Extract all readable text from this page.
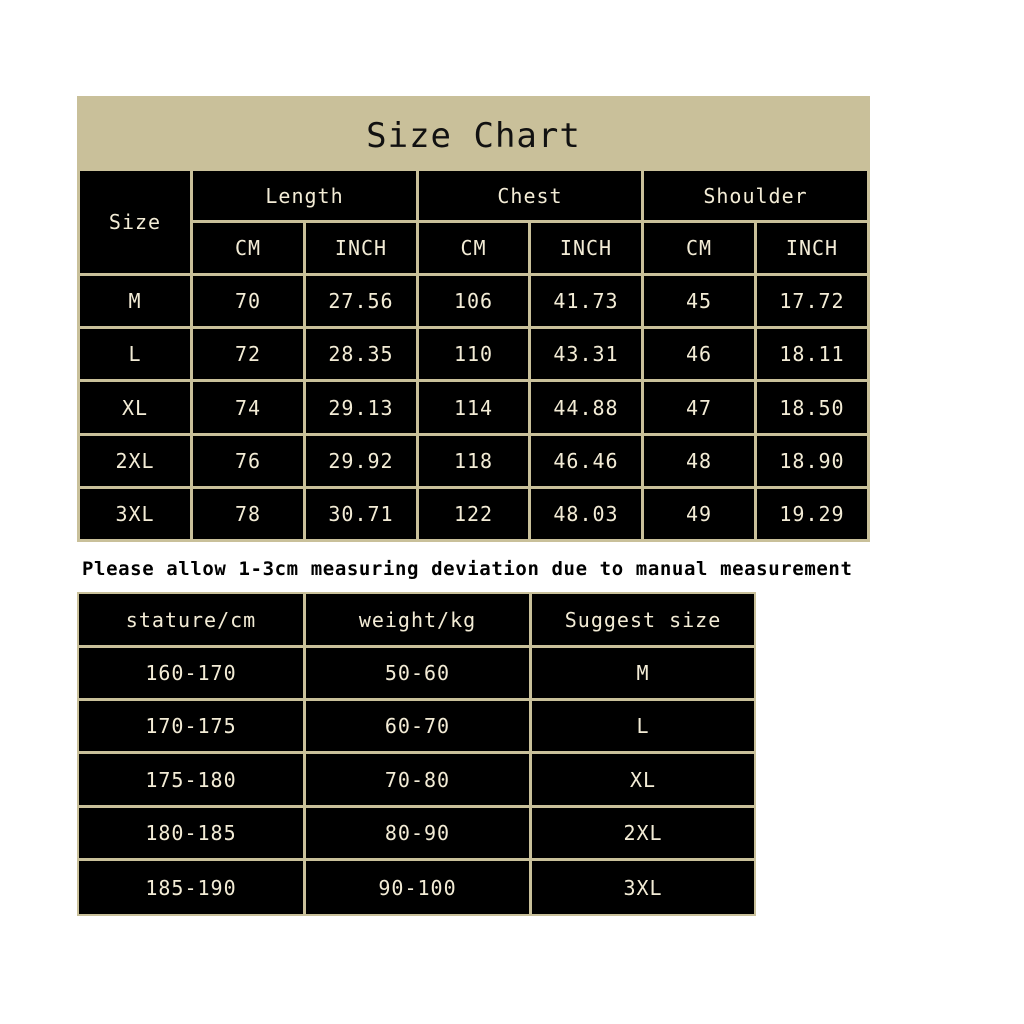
Size Chart
Size
Length	Chest	Shoulder
CM	INCH	CM	INCH	CM	INCH
M	70	27.56	106	41.73	45	17.72
L	72	28.35	110	43.31	46	18.11
XL	74	29.13	114	44.88	47	18.50
2XL	76	29.92	118	46.46	48	18.90
3XL	78	30.71	122	48.03	49	19.29
Please allow 1-3cm measuring deviation due to manual measurement
stature/cm	weight/kg	Suggest size
160-170	50-60	M
170-175	60-70	L
175-180	70-80	XL
180-185	80-90	2XL
185-190	90-100	3XL
